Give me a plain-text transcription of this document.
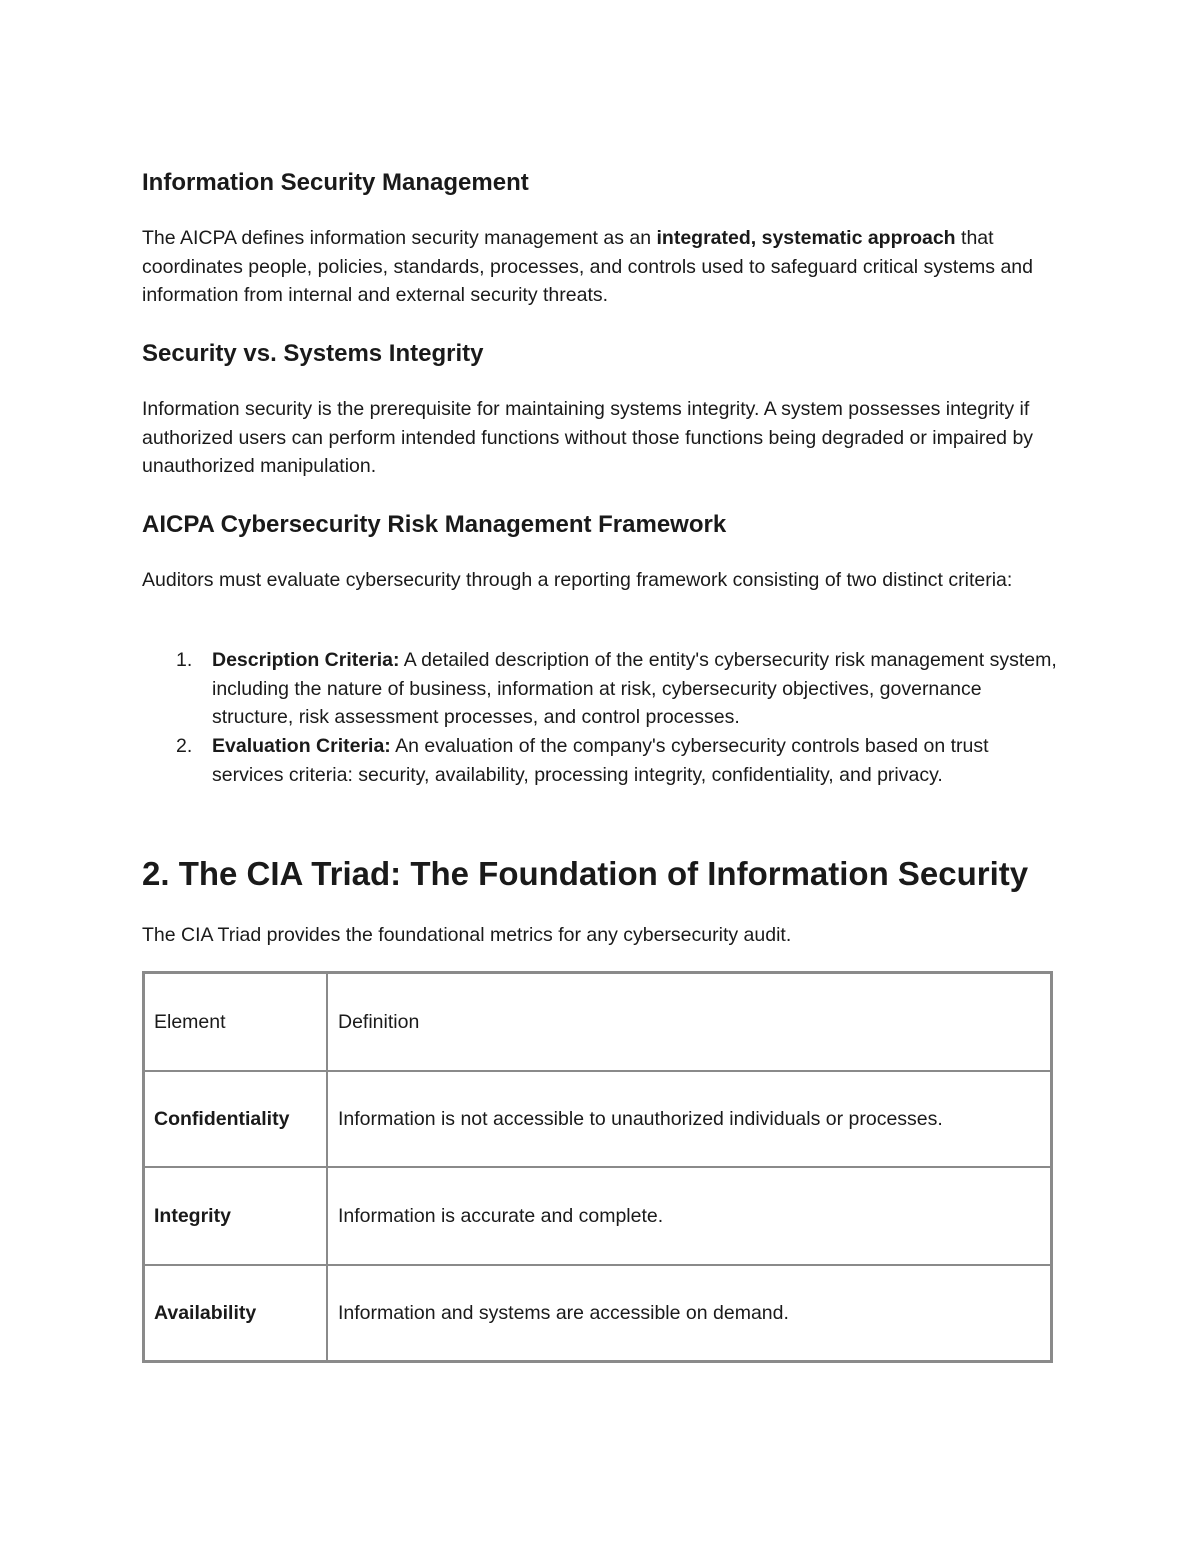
Information Security Management

The AICPA defines information security management as an integrated, systematic approach that coordinates people, policies, standards, processes, and controls used to safeguard critical systems and information from internal and external security threats.

Security vs. Systems Integrity

Information security is the prerequisite for maintaining systems integrity. A system possesses integrity if authorized users can perform intended functions without those functions being degraded or impaired by unauthorized manipulation.

AICPA Cybersecurity Risk Management Framework

Auditors must evaluate cybersecurity through a reporting framework consisting of two distinct criteria:

1. Description Criteria: A detailed description of the entity's cybersecurity risk management system, including the nature of business, information at risk, cybersecurity objectives, governance structure, risk assessment processes, and control processes.
2. Evaluation Criteria: An evaluation of the company's cybersecurity controls based on trust services criteria: security, availability, processing integrity, confidentiality, and privacy.
2. The CIA Triad: The Foundation of Information Security

The CIA Triad provides the foundational metrics for any cybersecurity audit.

Element	Definition
Confidentiality	Information is not accessible to unauthorized individuals or processes.
Integrity	Information is accurate and complete.
Availability	Information and systems are accessible on demand.
